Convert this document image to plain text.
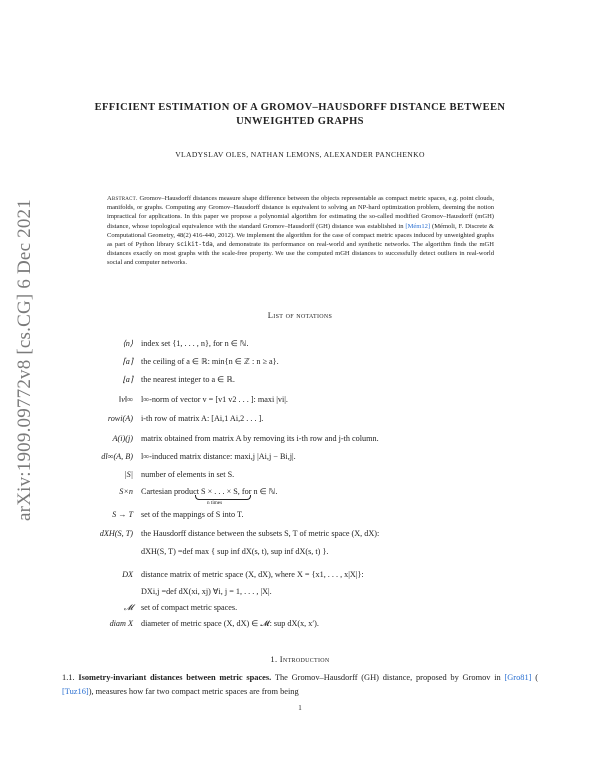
arXiv:1909.09772v8 [cs.CG] 6 Dec 2021
EFFICIENT ESTIMATION OF A GROMOV–HAUSDORFF DISTANCE BETWEEN
UNWEIGHTED GRAPHS
VLADYSLAV OLES, NATHAN LEMONS, ALEXANDER PANCHENKO
Abstract. Gromov–Hausdorff distances measure shape difference between the objects representable as compact metric spaces, e.g. point clouds, manifolds, or graphs. Computing any Gromov–Hausdorff distance is equivalent to solving an NP-hard optimization problem, deeming the notion impractical for applications. In this paper we propose a polynomial algorithm for estimating the so-called modified Gromov–Hausdorff (mGH) distance, whose topological equivalence with the standard Gromov–Hausdorff (GH) distance was established in [Mém12] (Mémoli, F. Discrete & Computational Geometry, 48(2) 416-440, 2012). We implement the algorithm for the case of compact metric spaces induced by unweighted graphs as part of Python library scikit-tda, and demonstrate its performance on real-world and synthetic networks. The algorithm finds the mGH distances exactly on most graphs with the scale-free property. We use the computed mGH distances to successfully detect outliers in real-world social and computer networks.
List of notations
⟨n⟩ index set {1, . . . , n}, for n ∈ ℕ.
⌈a⌉ the ceiling of a ∈ ℝ: min{n ∈ ℤ : n ≥ a}.
⌊a⌉ the nearest integer to a ∈ ℝ.
‖v‖∞ l∞-norm of vector v = [v1 v2 . . . ]: maxi |vi|.
rowi(A) i-th row of matrix A: [Ai,1 Ai,2 . . . ].
A(i)(j) matrix obtained from matrix A by removing its i-th row and j-th column.
dl∞(A, B) l∞-induced matrix distance: maxi,j |Ai,j − Bi,j|.
|S| number of elements in set S.
S×n Cartesian product S × . . . × S, for n ∈ ℕ.
n times
S → T set of the mappings of S into T.
dXH(S, T) the Hausdorff distance between the subsets S, T of metric space (X, dX):
dXH(S, T) =def max { sup inf dX(s, t), sup inf dX(s, t) }.
DX distance matrix of metric space (X, dX), where X = {x1, . . . , x|X|}:
DXi,j =def dX(xi, xj) ∀i, j = 1, . . . , |X|.
𝓜 set of compact metric spaces.
diam X diameter of metric space (X, dX) ∈ 𝓜: sup dX(x, x′).
1. Introduction
1.1. Isometry-invariant distances between metric spaces. The Gromov–Hausdorff (GH) distance, proposed by Gromov in [Gro81] ( [Tuz16]), measures how far two compact metric spaces are from being
1
